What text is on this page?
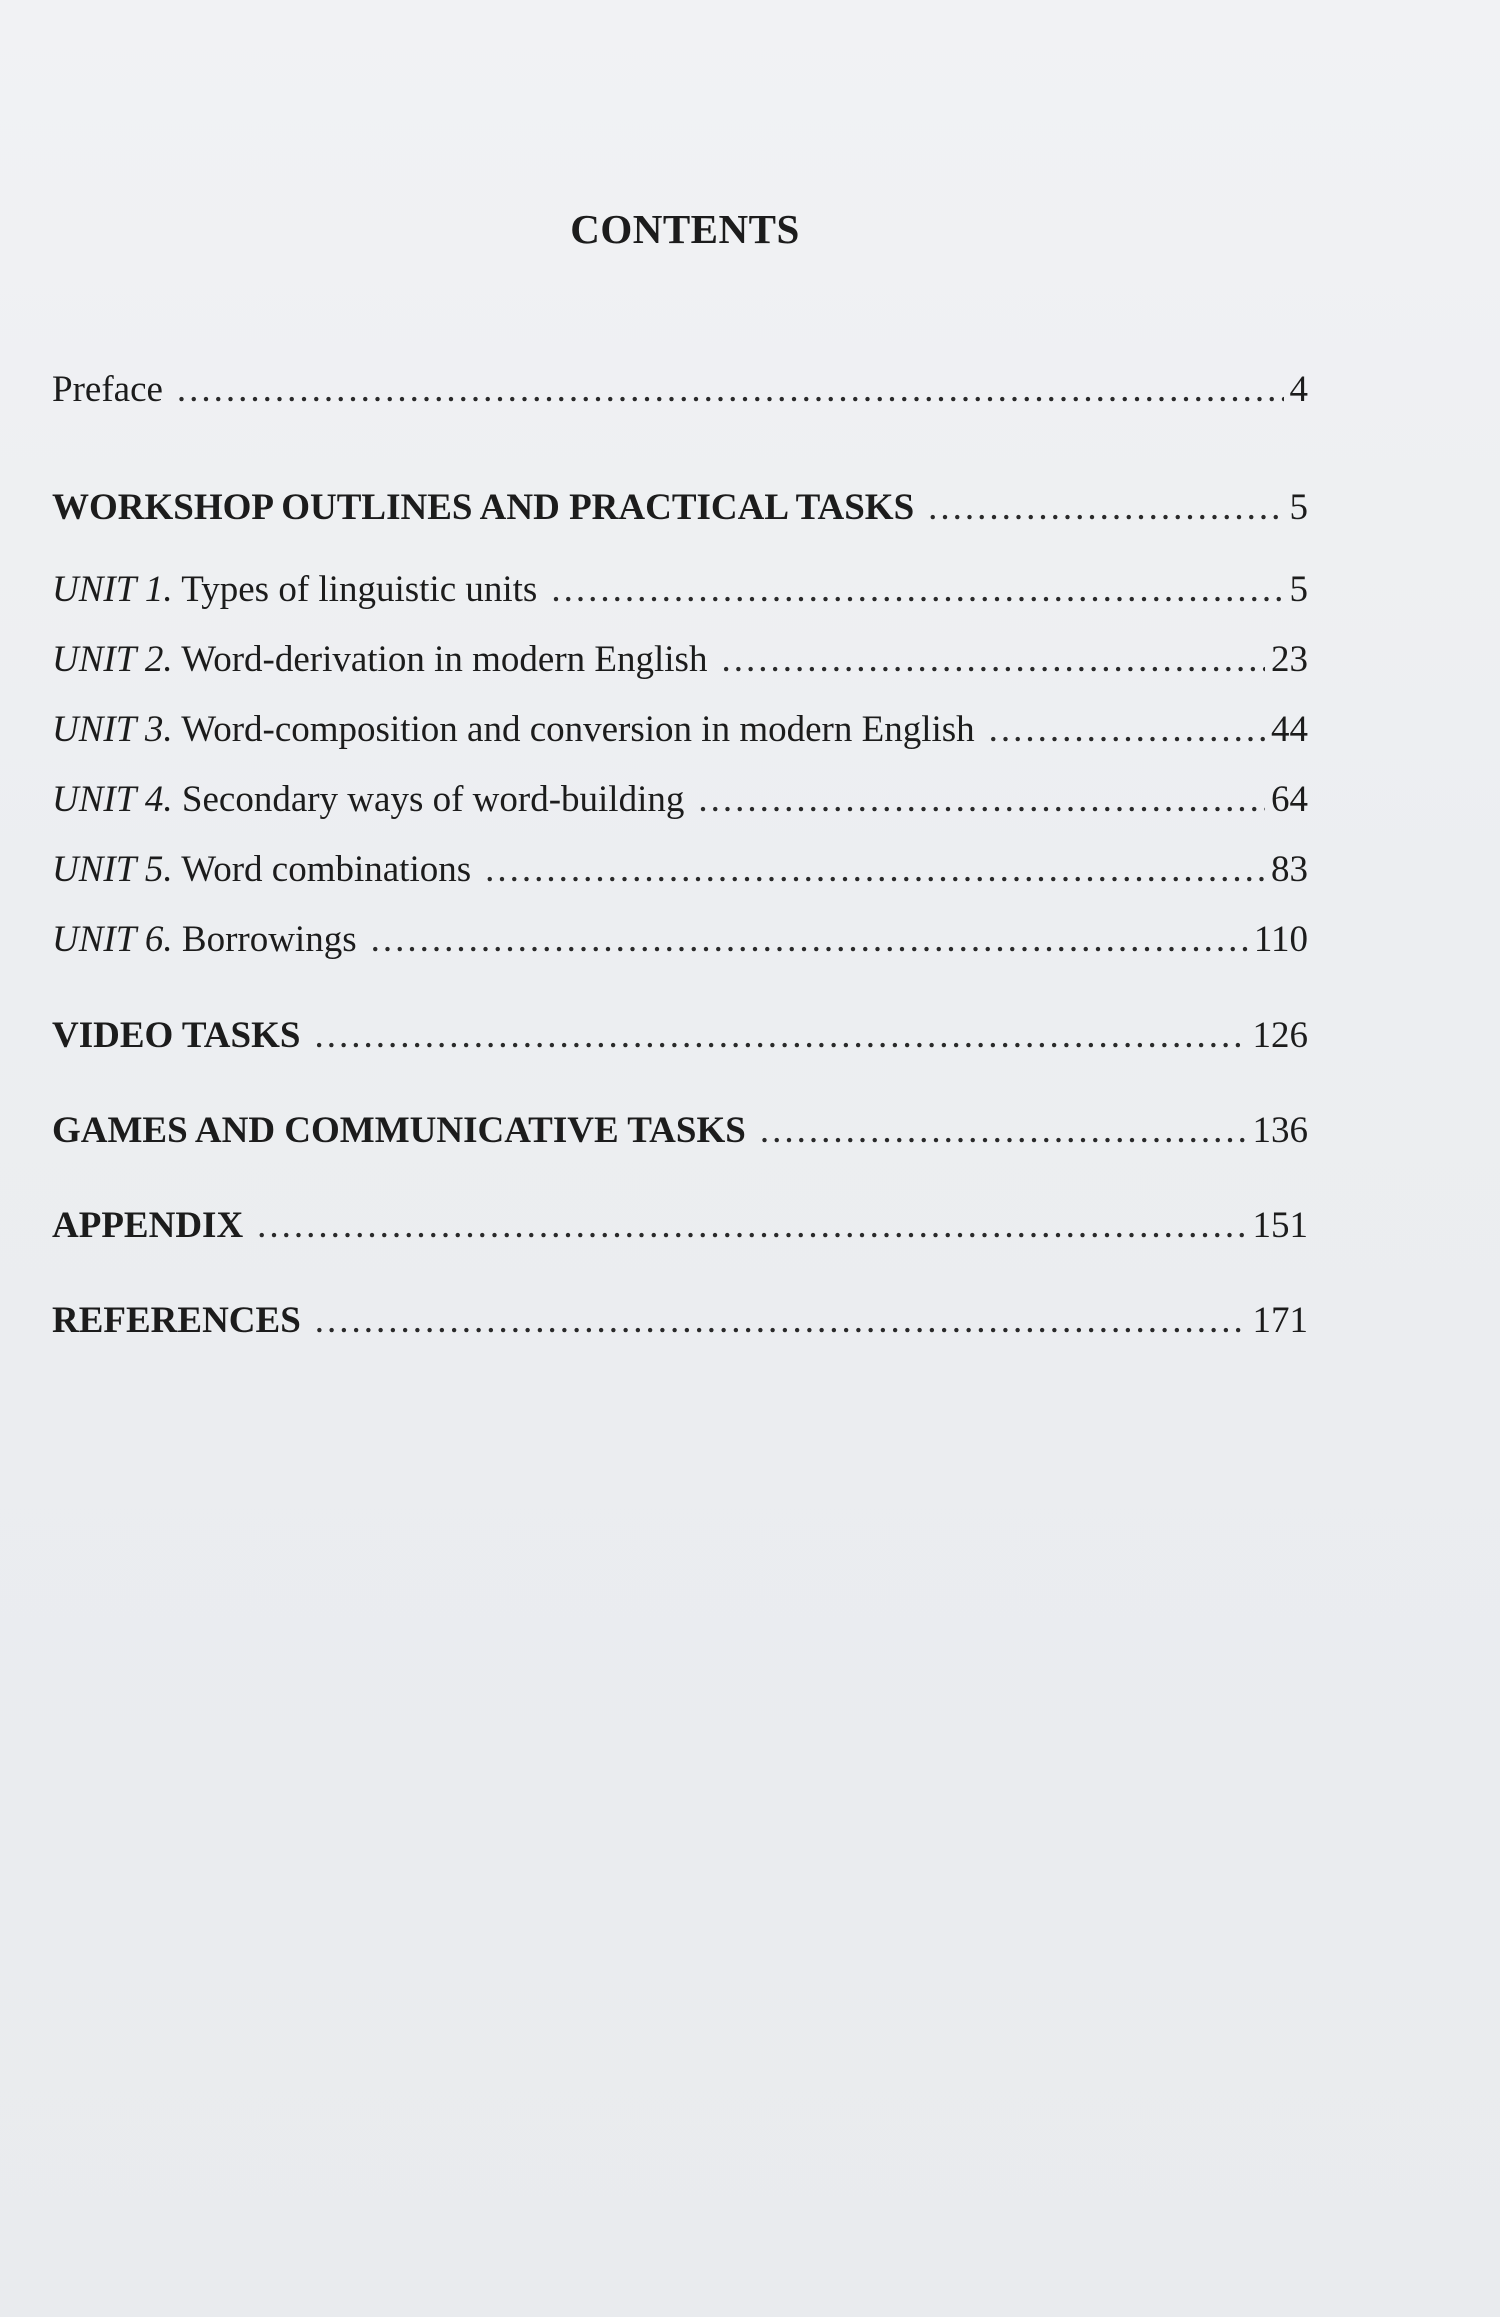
CONTENTS
Preface .....	4
WORKSHOP OUTLINES AND PRACTICAL TASKS .....	5
UNIT 1. Types of linguistic units .....	5
UNIT 2. Word-derivation in modern English .....	23
UNIT 3. Word-composition and conversion in modern English .....	44
UNIT 4. Secondary ways of word-building .....	64
UNIT 5. Word combinations .....	83
UNIT 6. Borrowings .....	110
VIDEO TASKS .....	126
GAMES AND COMMUNICATIVE TASKS .....	136
APPENDIX .....	151
REFERENCES .....	171
